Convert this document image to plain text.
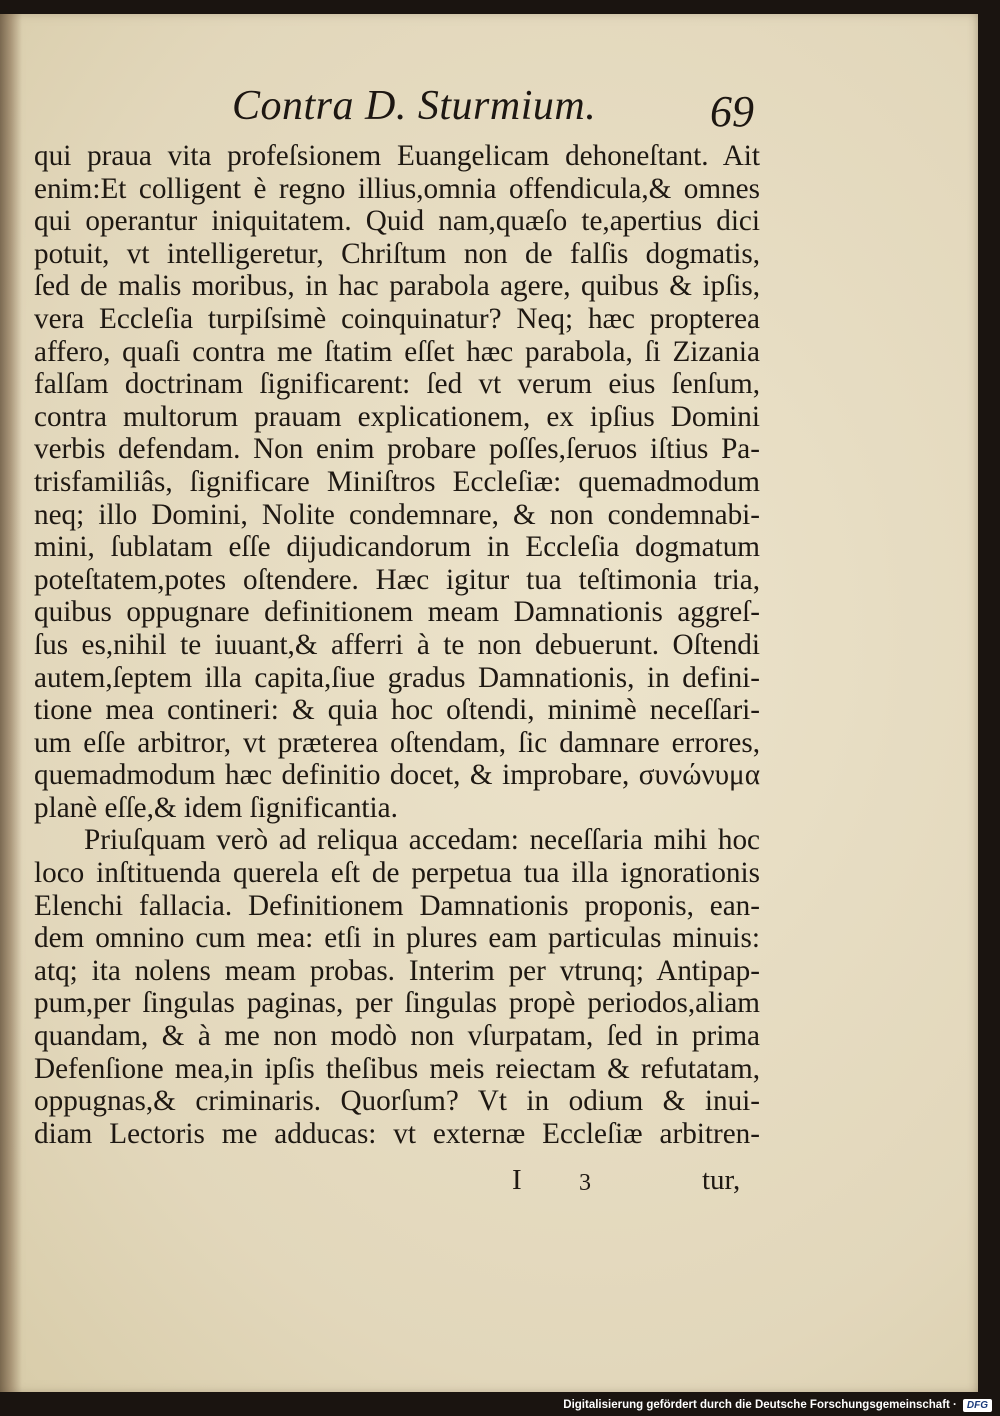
Contra D. Sturmium.	69
qui praua vita profeſsionem Euangelicam dehoneſtant. Ait
enim:Et colligent è regno illius,omnia offendicula,& omnes
qui operantur iniquitatem. Quid nam,quæſo te,apertius dici
potuit, vt intelligeretur, Chriſtum non de falſis dogmatis,
ſed de malis moribus, in hac parabola agere, quibus & ipſis,
vera Eccleſia turpiſsimè coinquinatur? Neq; hæc propterea
affero, quaſi contra me ſtatim eſſet hæc parabola, ſi Zizania
falſam doctrinam ſignificarent: ſed vt verum eius ſenſum,
contra multorum prauam explicationem, ex ipſius Domini
verbis defendam. Non enim probare poſſes,ſeruos iſtius Pa-
trisfamiliâs, ſignificare Miniſtros Eccleſiæ: quemadmodum
neq; illo Domini, Nolite condemnare, & non condemnabi-
mini, ſublatam eſſe dijudicandorum in Eccleſia dogmatum
poteſtatem,potes oſtendere. Hæc igitur tua teſtimonia tria,
quibus oppugnare definitionem meam Damnationis aggreſ-
ſus es,nihil te iuuant,& afferri à te non debuerunt. Oſtendi
autem,ſeptem illa capita,ſiue gradus Damnationis, in defini-
tione mea contineri: & quia hoc oſtendi, minimè neceſſari-
um eſſe arbitror, vt præterea oſtendam, ſic damnare errores,
quemadmodum hæc definitio docet, & improbare, συνώνυμα
planè eſſe,& idem ſignificantia.
Priuſquam verò ad reliqua accedam: neceſſaria mihi hoc
loco inſtituenda querela eſt de perpetua tua illa ignorationis
Elenchi fallacia. Definitionem Damnationis proponis, ean-
dem omnino cum mea: etſi in plures eam particulas minuis:
atq; ita nolens meam probas. Interim per vtrunq; Antipap-
pum,per ſingulas paginas, per ſingulas propè periodos,aliam
quandam, & à me non modò non vſurpatam, ſed in prima
Defenſione mea,in ipſis theſibus meis reiectam & refutatam,
oppugnas,& criminaris. Quorſum? Vt in odium & inui-
diam Lectoris me adducas: vt externæ Eccleſiæ arbitren-
I 3	tur,
Digitalisierung gefördert durch die Deutsche Forschungsgemeinschaft ·	DFG
